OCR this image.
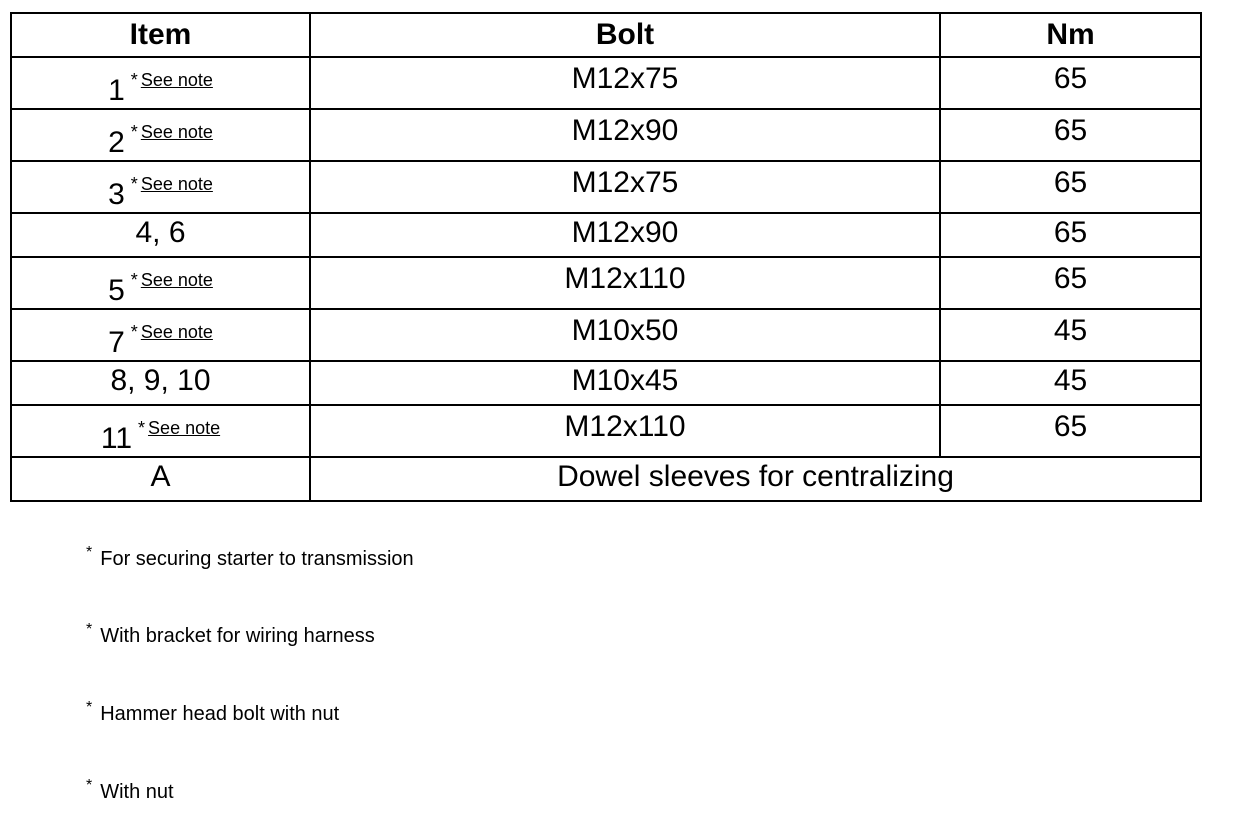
Item	Bolt	Nm
1 * See note	M12x75	65
2 * See note	M12x90	65
3 * See note	M12x75	65
4, 6	M12x90	65
5 * See note	M12x110	65
7 * See note	M10x50	45
8, 9, 10	M10x45	45
11 * See note	M12x110	65
A	Dowel sleeves for centralizing	
* For securing starter to transmission
* With bracket for wiring harness
* Hammer head bolt with nut
* With nut
